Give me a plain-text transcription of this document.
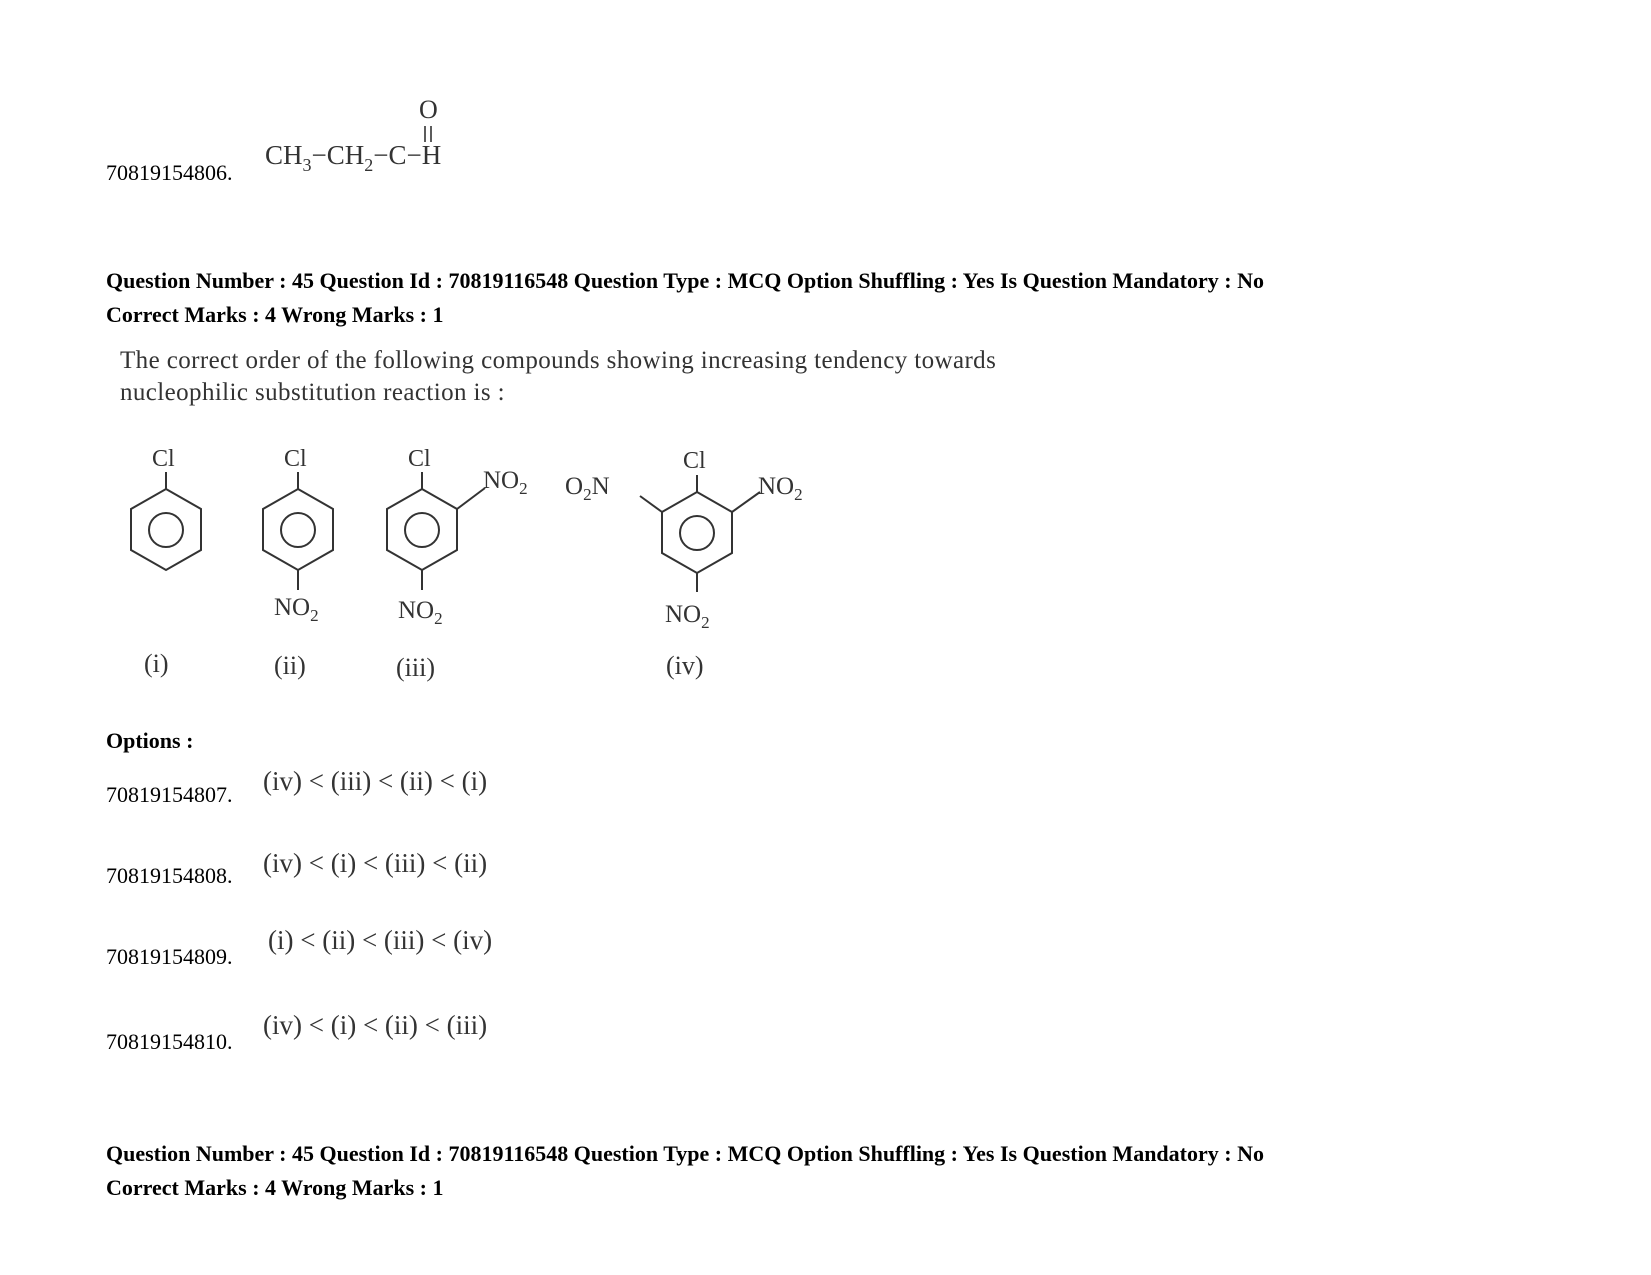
70819154806.
O
$CH_3-CH_2-C-H$
Question Number : 45 Question Id : 70819116548 Question Type : MCQ Option Shuffling : Yes Is Question Mandatory : No
Correct Marks : 4 Wrong Marks : 1
The correct order of the following compounds showing increasing tendency towards
nucleophilic substitution reaction is :
Cl	Cl	Cl	Cl
$NO_2$	$NO_2$
$NO_2$
$NO_2$
$NO_2$
$O_2N$
(i)	(ii)	(iii)	(iv)
Options :
70819154807. (iv) < (iii) < (ii) < (i)
70819154808. (iv) < (i) < (iii) < (ii)
70819154809.
(i) < (ii) < (iii) < (iv)
70819154810.
(iv) < (i) < (ii) < (iii)
Question Number : 45 Question Id : 70819116548 Question Type : MCQ Option Shuffling : Yes Is Question Mandatory : No
Correct Marks : 4 Wrong Marks : 1
